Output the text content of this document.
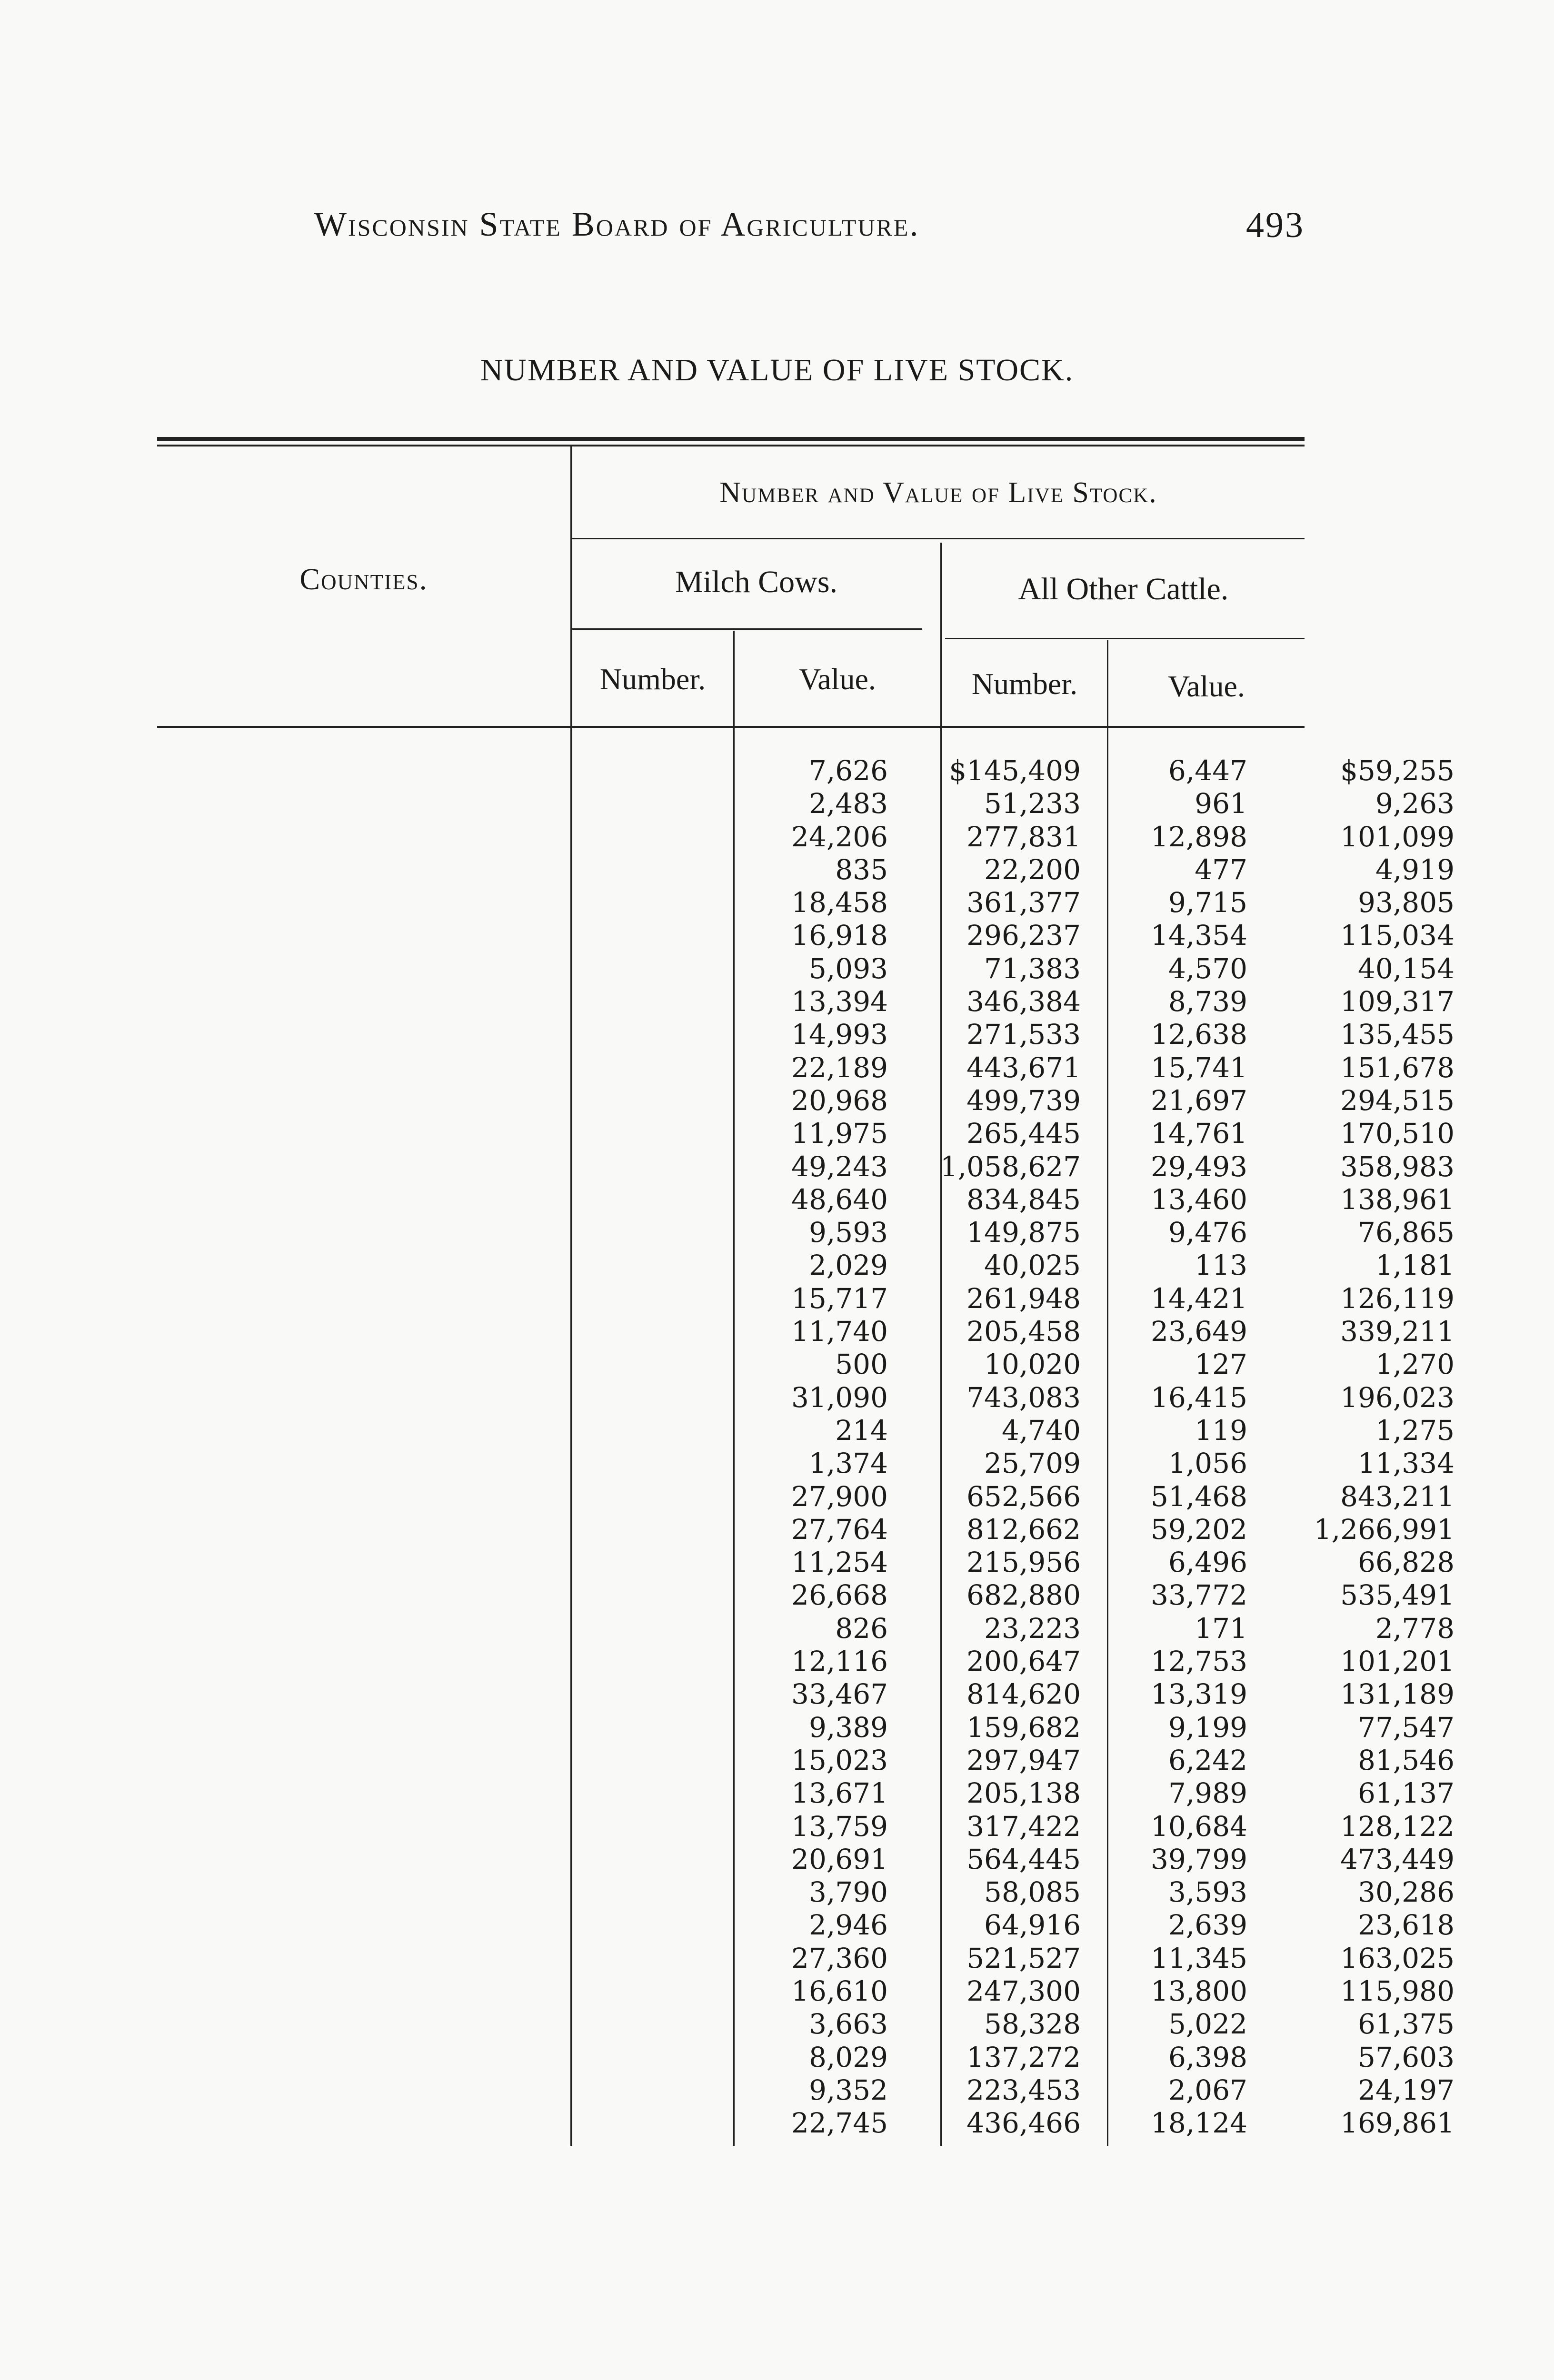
Wisconsin State Board of Agriculture.	493
NUMBER AND VALUE OF LIVE STOCK.
Counties.
Number and Value of Live Stock.
Milch Cows.	All Other Cattle.
Number.	Value.	Number.	Value.
7,626 $145,409	6,447	$59,255
2,483	51,233	961	9,263
24,206	277,831	12,898	101,099
835	22,200	477	4,919
18,458	361,377	9,715	93,805
16,918	296,237	14,354	115,034
5,093	71,383	4,570	40,154
13,394	346,384	8,739	109,317
14,993	271,533	12,638	135,455
22,189	443,671	15,741	151,678
20,968	499,739	21,697	294,515
11,975	265,445	14,761	170,510
49,243 1,058,627	29,493	358,983
48,640	834,845	13,460	138,961
9,593	149,875	9,476	76,865
2,029	40,025	113	1,181
15,717	261,948	14,421	126,119
11,740	205,458	23,649	339,211
500	10,020	127	1,270
31,090	743,083	16,415	196,023
214	4,740	119	1,275
1,374	25,709	1,056	11,334
27,900	652,566	51,468	843,211
27,764	812,662	59,202 1,266,991
11,254	215,956	6,496	66,828
26,668	682,880	33,772	535,491
826	23,223	171	2,778
12,116	200,647	12,753	101,201
33,467	814,620	13,319	131,189
9,389	159,682	9,199	77,547
15,023	297,947	6,242	81,546
13,671	205,138	7,989	61,137
13,759	317,422	10,684	128,122
20,691	564,445	39,799	473,449
3,790	58,085	3,593	30,286
2,946	64,916	2,639	23,618
27,360	521,527	11,345	163,025
16,610	247,300	13,800	115,980
3,663	58,328	5,022	61,375
8,029	137,272	6,398	57,603
9,352	223,453	2,067	24,197
22,745	436,466	18,124	169,861
